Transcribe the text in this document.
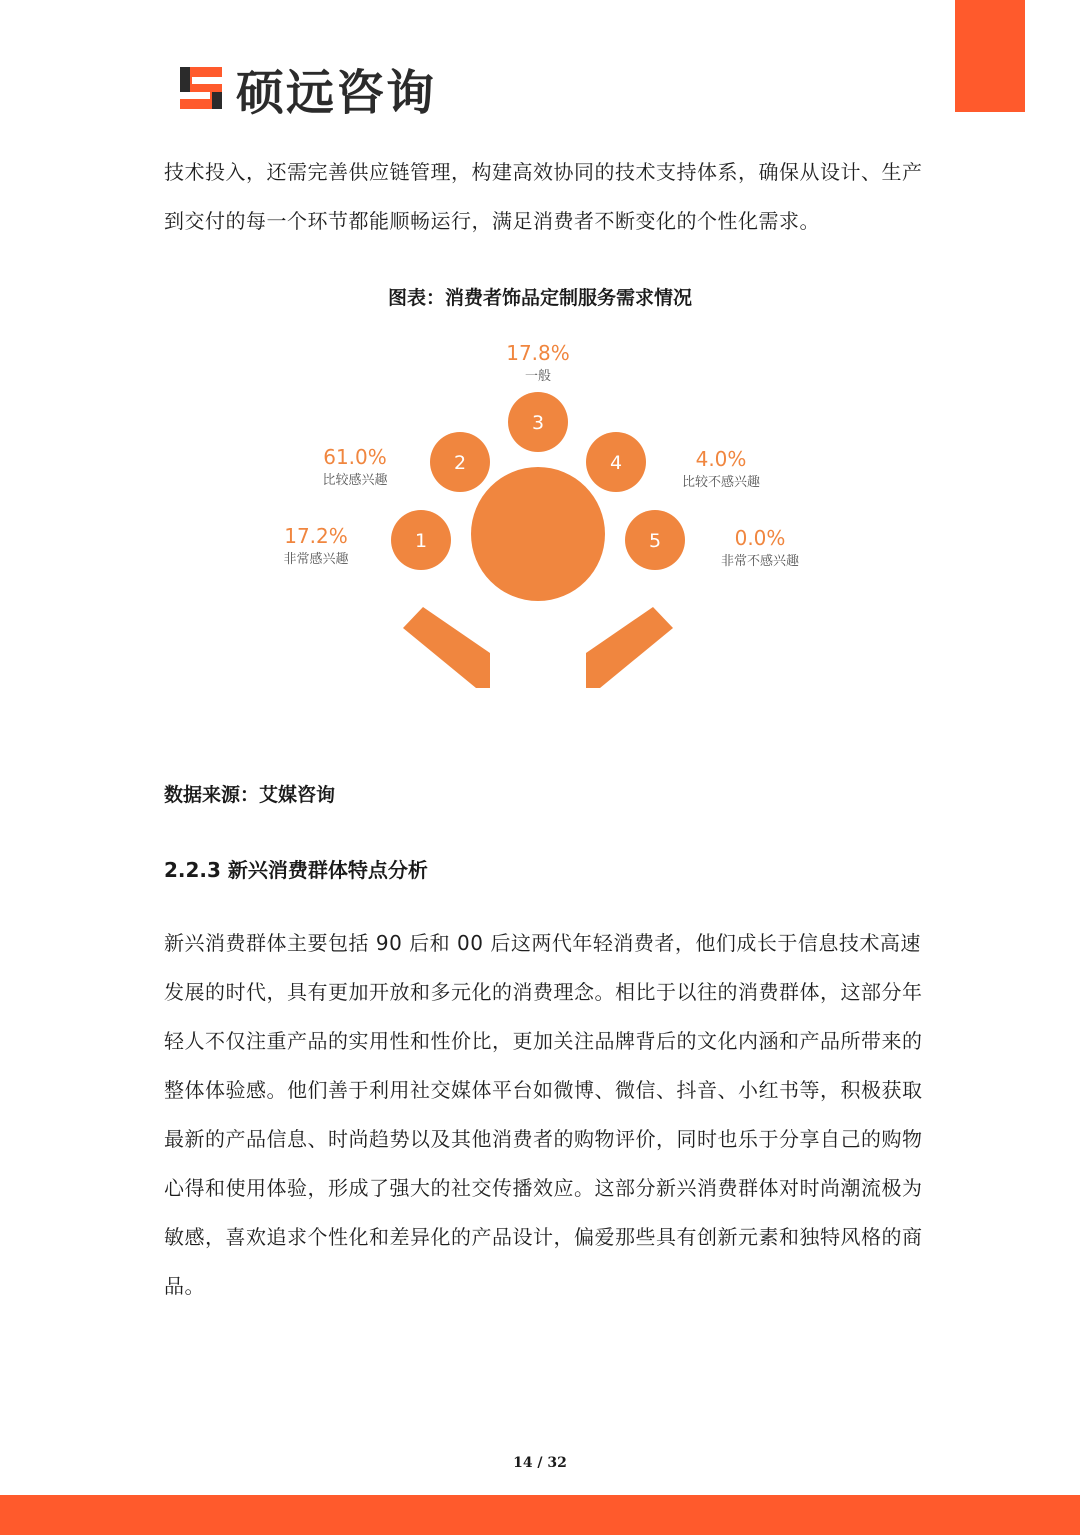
硕远咨询

技术投入，还需完善供应链管理，构建高效协同的技术支持体系，确保从设计、生产到交付的每一个环节都能顺畅运行，满足消费者不断变化的个性化需求。

图表：消费者饰品定制服务需求情况

1
17.2%
非常感兴趣
2
61.0%
比较感兴趣
3
17.8%
一般
4	4.0%
比较不感兴趣
5	0.0%
非常不感兴趣

数据来源：艾媒咨询

2.2.3 新兴消费群体特点分析

新兴消费群体主要包括 90 后和 00 后这两代年轻消费者，他们成长于信息技术高速发展的时代，具有更加开放和多元化的消费理念。相比于以往的消费群体，这部分年轻人不仅注重产品的实用性和性价比，更加关注品牌背后的文化内涵和产品所带来的整体体验感。他们善于利用社交媒体平台如微博、微信、抖音、小红书等，积极获取最新的产品信息、时尚趋势以及其他消费者的购物评价，同时也乐于分享自己的购物心得和使用体验，形成了强大的社交传播效应。这部分新兴消费群体对时尚潮流极为敏感，喜欢追求个性化和差异化的产品设计，偏爱那些具有创新元素和独特风格的商品。

14 / 32
